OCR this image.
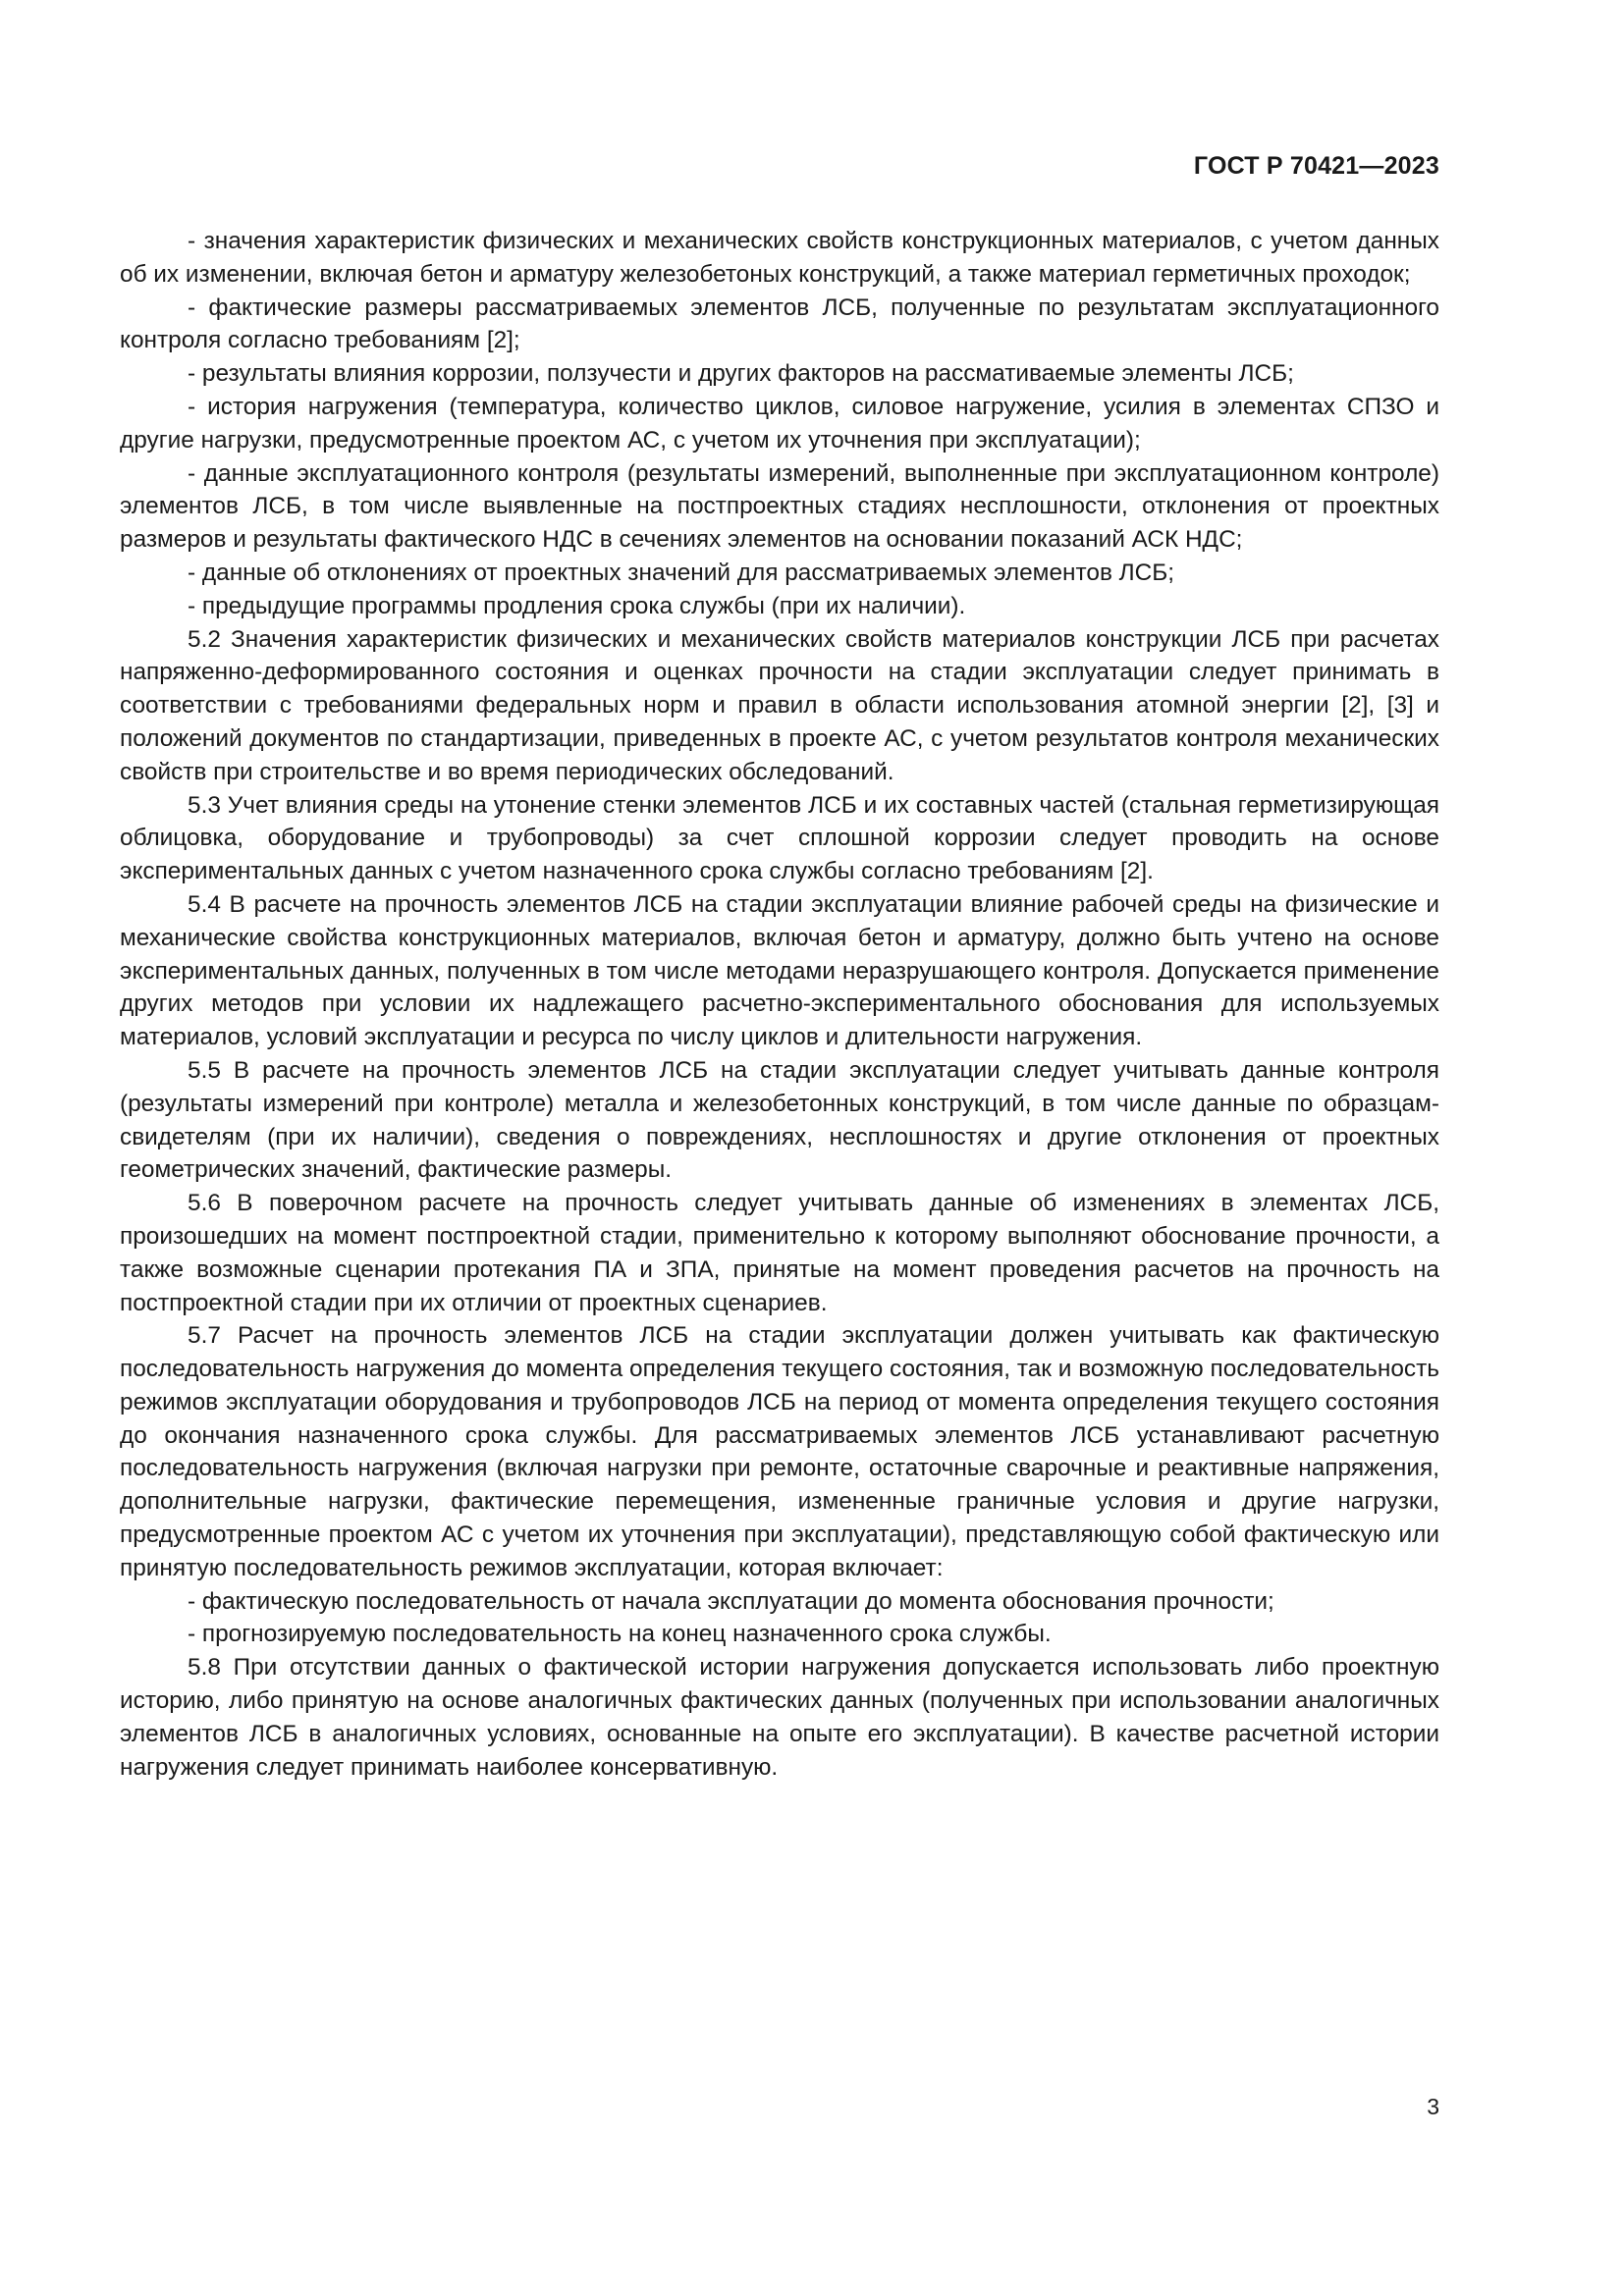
ГОСТ Р 70421—2023

- значения характеристик физических и механических свойств конструкционных материалов, с учетом данных об их изменении, включая бетон и арматуру железобетоных конструкций, а также материал герметичных проходок;

- фактические размеры рассматриваемых элементов ЛСБ, полученные по результатам эксплуатационного контроля согласно требованиям [2];

- результаты влияния коррозии, ползучести и других факторов на рассмативаемые элементы ЛСБ;

- история нагружения (температура, количество циклов, силовое нагружение, усилия в элементах СПЗО и другие нагрузки, предусмотренные проектом АС, с учетом их уточнения при эксплуатации);

- данные эксплуатационного контроля (результаты измерений, выполненные при эксплуатационном контроле) элементов ЛСБ, в том числе выявленные на постпроектных стадиях несплошности, отклонения от проектных размеров и результаты фактического НДС в сечениях элементов на основании показаний АСК НДС;

- данные об отклонениях от проектных значений для рассматриваемых элементов ЛСБ;

- предыдущие программы продления срока службы (при их наличии).

5.2 Значения характеристик физических и механических свойств материалов конструкции ЛСБ при расчетах напряженно-деформированного состояния и оценках прочности на стадии эксплуатации следует принимать в соответствии с требованиями федеральных норм и правил в области использования атомной энергии [2], [3] и положений документов по стандартизации, приведенных в проекте АС, с учетом результатов контроля механических свойств при строительстве и во время периодических обследований.

5.3 Учет влияния среды на утонение стенки элементов ЛСБ и их составных частей (стальная герметизирующая облицовка, оборудование и трубопроводы) за счет сплошной коррозии следует проводить на основе экспериментальных данных с учетом назначенного срока службы согласно требованиям [2].

5.4 В расчете на прочность элементов ЛСБ на стадии эксплуатации влияние рабочей среды на физические и механические свойства конструкционных материалов, включая бетон и арматуру, должно быть учтено на основе экспериментальных данных, полученных в том числе методами неразрушающего контроля. Допускается применение других методов при условии их надлежащего расчетно-экспериментального обоснования для используемых материалов, условий эксплуатации и ресурса по числу циклов и длительности нагружения.

5.5 В расчете на прочность элементов ЛСБ на стадии эксплуатации следует учитывать данные контроля (результаты измерений при контроле) металла и железобетонных конструкций, в том числе данные по образцам-свидетелям (при их наличии), сведения о повреждениях, несплошностях и другие отклонения от проектных геометрических значений, фактические размеры.

5.6 В поверочном расчете на прочность следует учитывать данные об изменениях в элементах ЛСБ, произошедших на момент постпроектной стадии, применительно к которому выполняют обоснование прочности, а также возможные сценарии протекания ПА и ЗПА, принятые на момент проведения расчетов на прочность на постпроектной стадии при их отличии от проектных сценариев.

5.7 Расчет на прочность элементов ЛСБ на стадии эксплуатации должен учитывать как фактическую последовательность нагружения до момента определения текущего состояния, так и возможную последовательность режимов эксплуатации оборудования и трубопроводов ЛСБ на период от момента определения текущего состояния до окончания назначенного срока службы. Для рассматриваемых элементов ЛСБ устанавливают расчетную последовательность нагружения (включая нагрузки при ремонте, остаточные сварочные и реактивные напряжения, дополнительные нагрузки, фактические перемещения, измененные граничные условия и другие нагрузки, предусмотренные проектом АС с учетом их уточнения при эксплуатации), представляющую собой фактическую или принятую последовательность режимов эксплуатации, которая включает:

- фактическую последовательность от начала эксплуатации до момента обоснования прочности;

- прогнозируемую последовательность на конец назначенного срока службы.

5.8 При отсутствии данных о фактической истории нагружения допускается использовать либо проектную историю, либо принятую на основе аналогичных фактических данных (полученных при использовании аналогичных элементов ЛСБ в аналогичных условиях, основанные на опыте его эксплуатации). В качестве расчетной истории нагружения следует принимать наиболее консервативную.

3
